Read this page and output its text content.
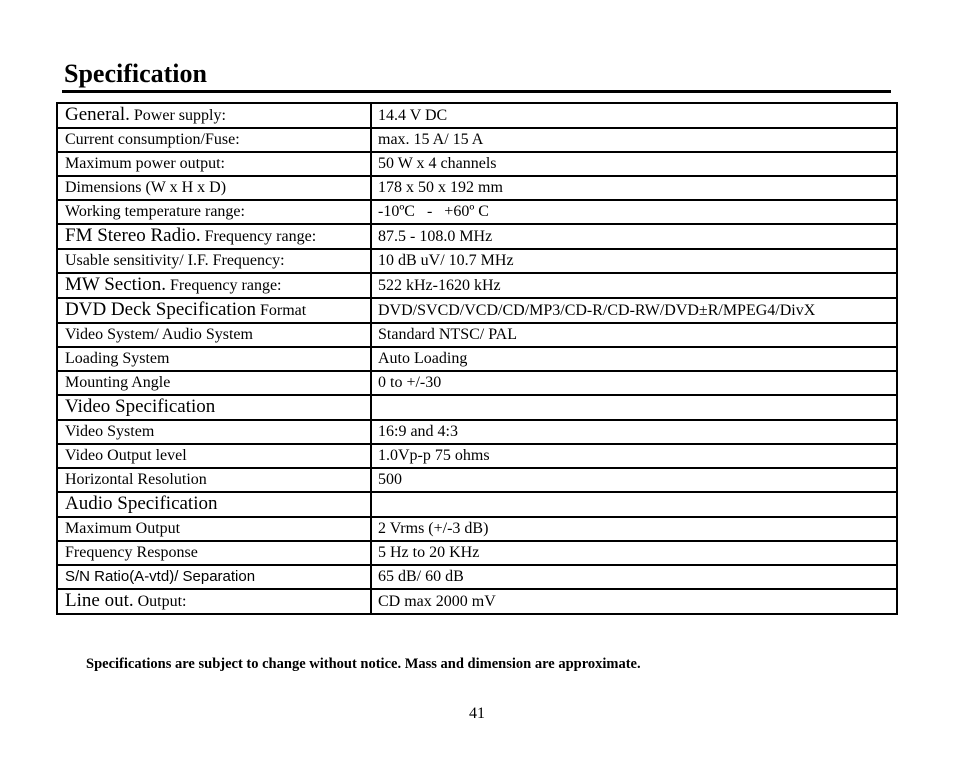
Specification
General. Power supply:	14.4 V DC
Current consumption/Fuse:	max. 15 A/ 15 A
Maximum power output:	50 W x 4 channels
Dimensions (W x H x D)	178 x 50 x 192 mm
Working temperature range:	-10ºC   -   +60º C
FM Stereo Radio. Frequency range:	87.5 - 108.0 MHz
Usable sensitivity/ I.F. Frequency:	10 dB uV/ 10.7 MHz
MW Section. Frequency range:	522 kHz-1620 kHz
DVD Deck Specification Format	DVD/SVCD/VCD/CD/MP3/CD-R/CD-RW/DVD±R/MPEG4/DivX
Video System/ Audio System	Standard NTSC/ PAL
Loading System	Auto Loading
Mounting Angle	0 to +/-30
Video Specification	
Video System	16:9 and 4:3
Video Output level	1.0Vp-p 75 ohms
Horizontal Resolution	500
Audio Specification	
Maximum Output	2 Vrms (+/-3 dB)
Frequency Response	5 Hz to 20 KHz
S/N Ratio(A-vtd)/ Separation	65 dB/ 60 dB
Line out. Output:	CD max 2000 mV
Specifications are subject to change without notice. Mass and dimension are approximate.
41
